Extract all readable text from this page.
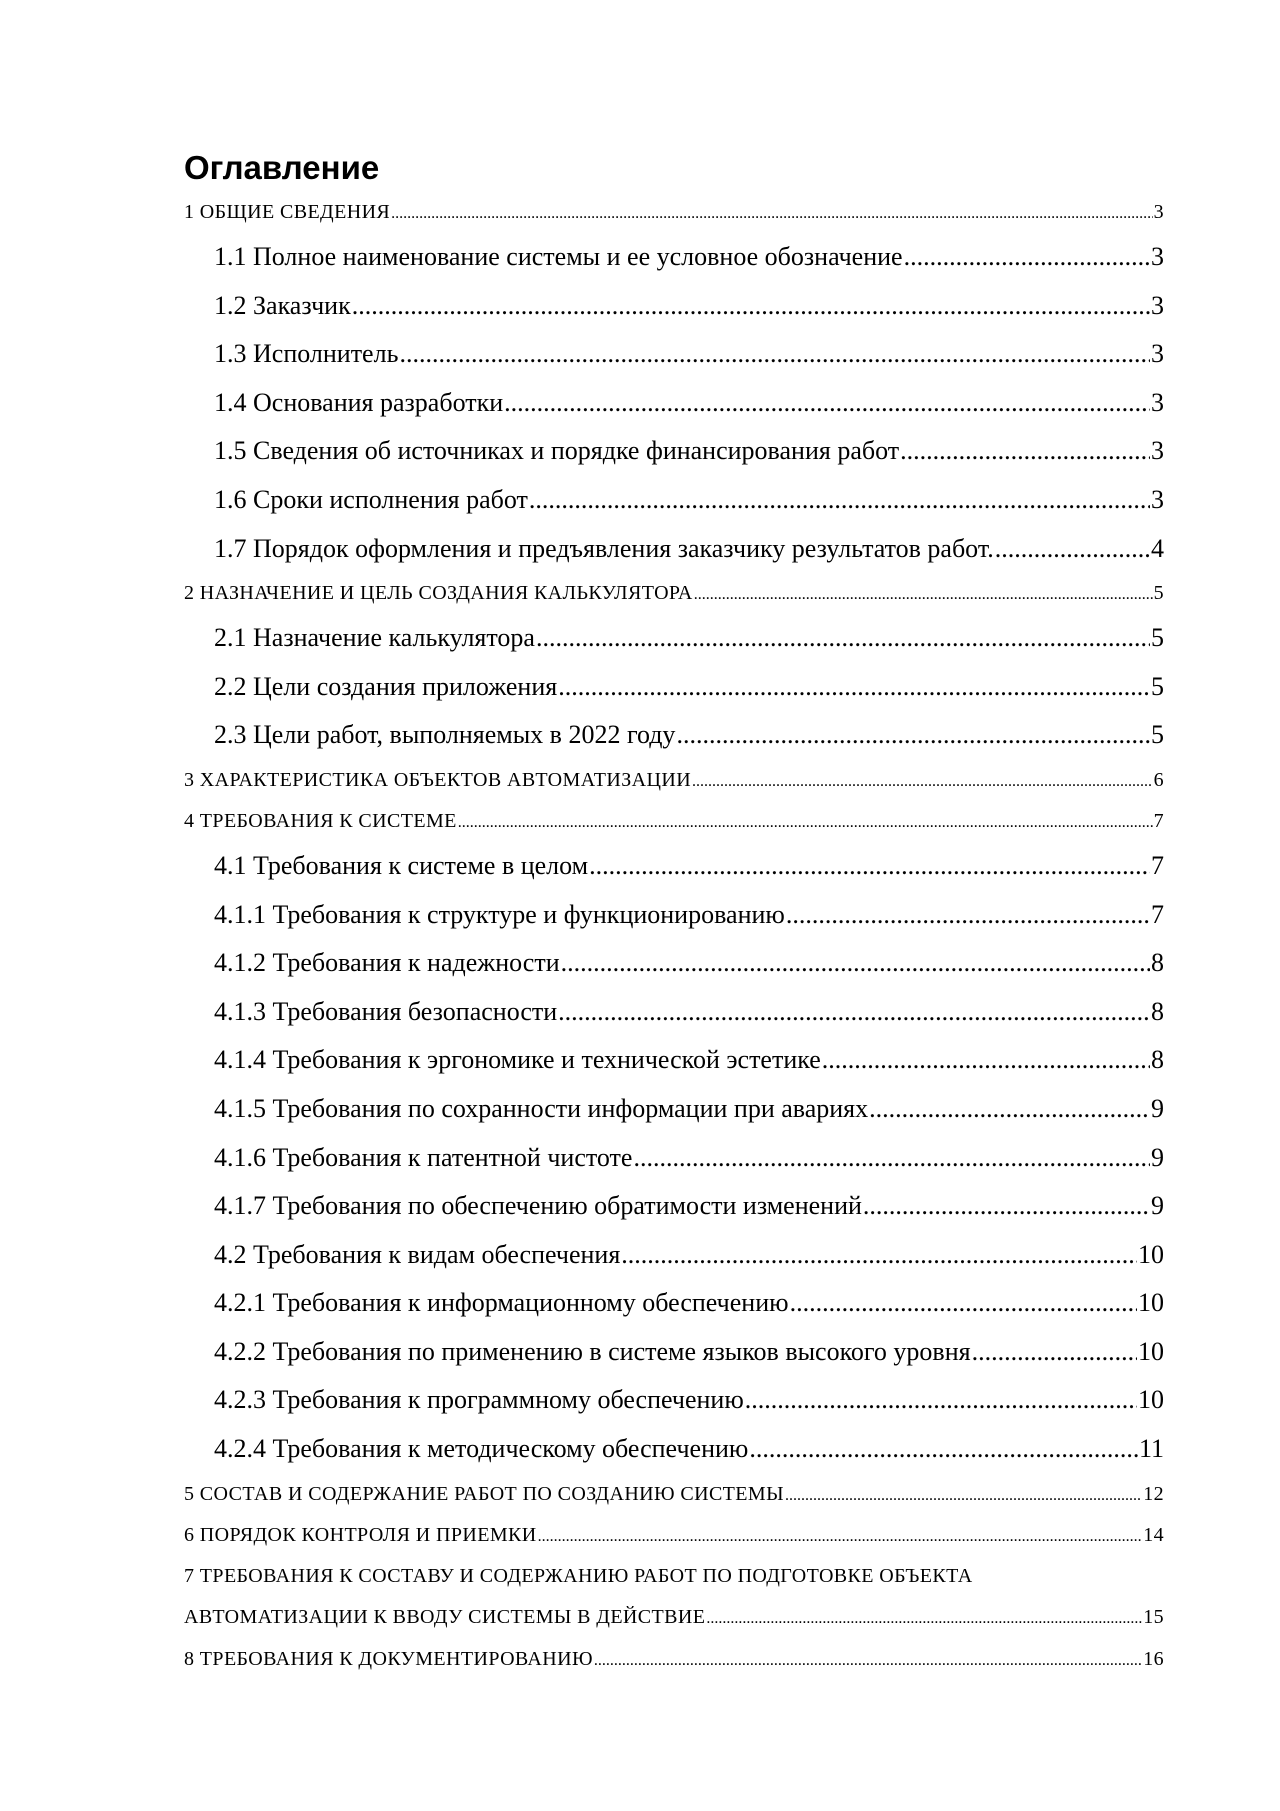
Оглавление
1 ОБЩИЕ СВЕДЕНИЯ .....	3
1.1 Полное наименование системы и ее условное обозначение .....	3
1.2 Заказчик .....	3
1.3 Исполнитель .....	3
1.4 Основания разработки .....	3
1.5 Сведения об источниках и порядке финансирования работ .....	3
1.6 Сроки исполнения работ .....	3
1.7 Порядок оформления и предъявления заказчику результатов работ. .....	4
2 НАЗНАЧЕНИЕ И ЦЕЛЬ СОЗДАНИЯ КАЛЬКУЛЯТОРА .....	5
2.1 Назначение калькулятора .....	5
2.2 Цели создания приложения .....	5
2.3 Цели работ, выполняемых в 2022 году .....	5
3 ХАРАКТЕРИСТИКА ОБЪЕКТОВ АВТОМАТИЗАЦИИ .....	6
4 ТРЕБОВАНИЯ К СИСТЕМЕ .....	7
4.1 Требования к системе в целом .....	7
4.1.1 Требования к структуре и функционированию .....	7
4.1.2 Требования к надежности .....	8
4.1.3 Требования безопасности .....	8
4.1.4 Требования к эргономике и технической эстетике .....	8
4.1.5 Требования по сохранности информации при авариях .....	9
4.1.6 Требования к патентной чистоте .....	9
4.1.7 Требования по обеспечению обратимости изменений .....	9
4.2 Требования к видам обеспечения .....	10
4.2.1 Требования к информационному обеспечению .....	10
4.2.2 Требования по применению в системе языков высокого уровня .....	10
4.2.3 Требования к программному обеспечению .....	10
4.2.4 Требования к методическому обеспечению .....	11
5 СОСТАВ И СОДЕРЖАНИЕ РАБОТ ПО СОЗДАНИЮ СИСТЕМЫ .....	12
6 ПОРЯДОК КОНТРОЛЯ И ПРИЕМКИ .....	14
7 ТРЕБОВАНИЯ К СОСТАВУ И СОДЕРЖАНИЮ РАБОТ ПО ПОДГОТОВКЕ ОБЪЕКТА
АВТОМАТИЗАЦИИ К ВВОДУ СИСТЕМЫ В ДЕЙСТВИЕ .....	15
8 ТРЕБОВАНИЯ К ДОКУМЕНТИРОВАНИЮ .....	16
